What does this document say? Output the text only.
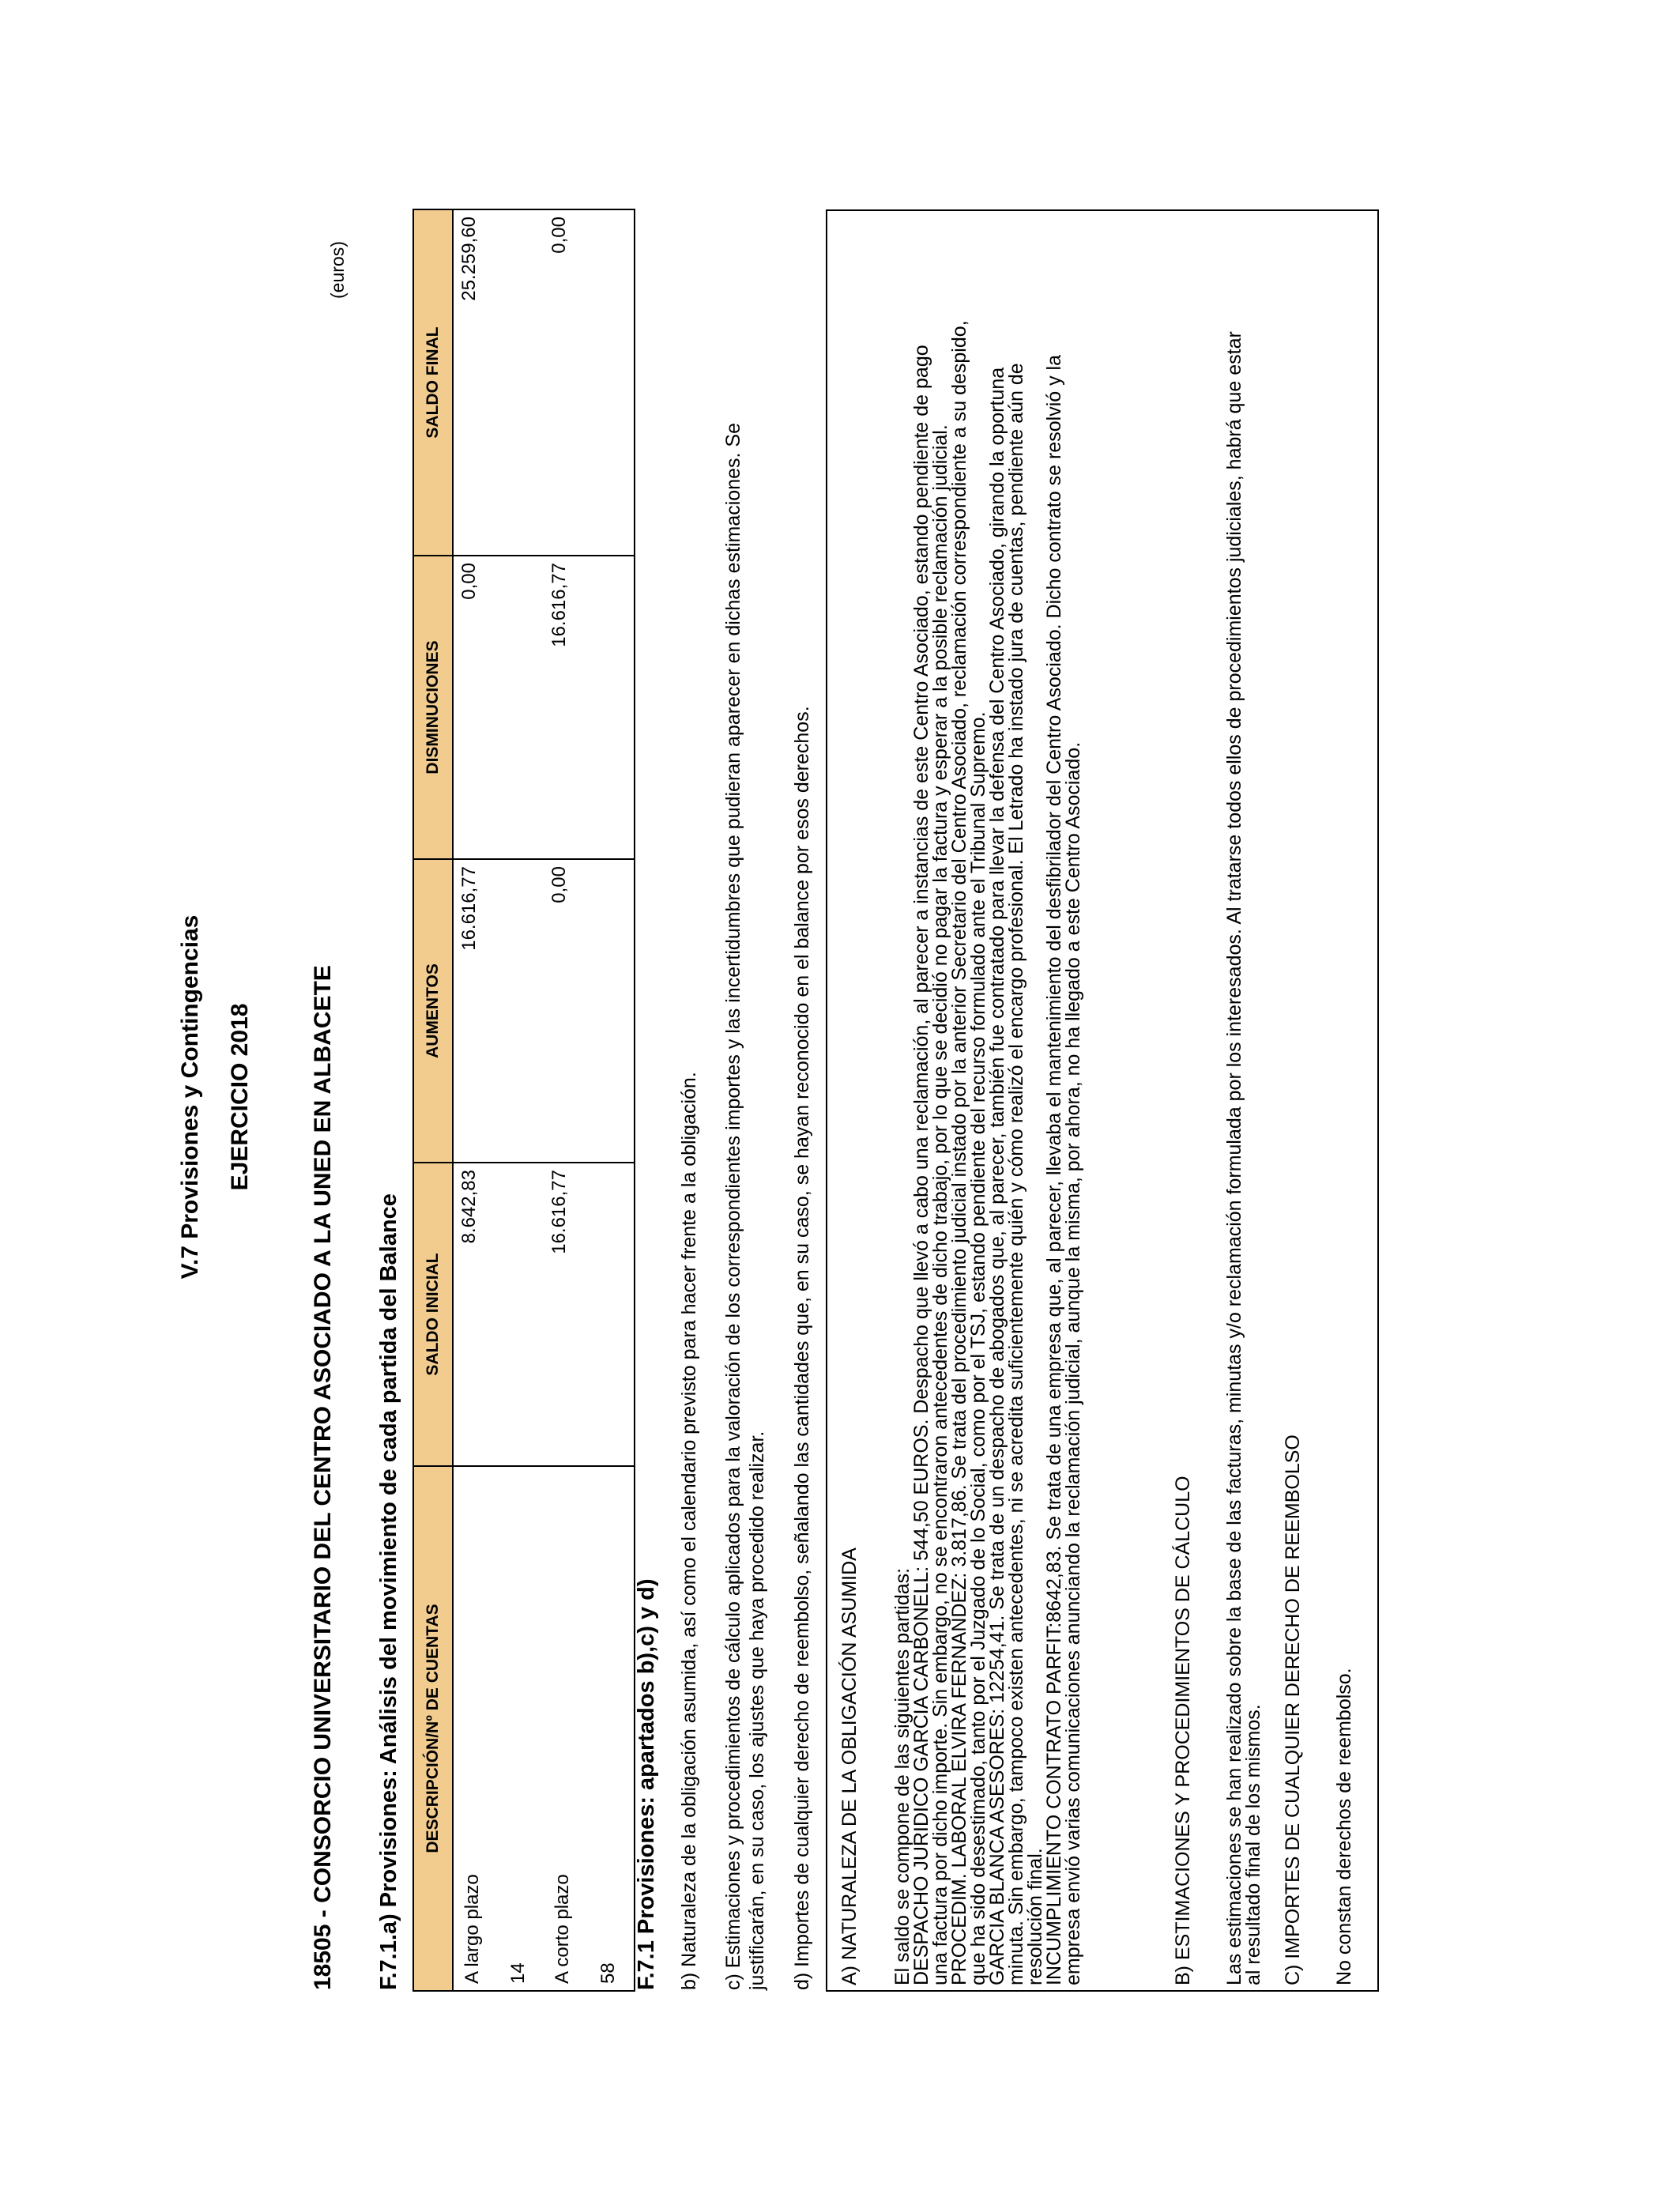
V.7 Provisiones y Contingencias EJERCICIO 2018 18505 - CONSORCIO UNIVERSITARIO DEL CENTRO ASOCIADO A LA UNED EN ALBACETE
(euros)
F.7.1.a) Provisiones: Análisis del movimiento de cada partida del Balance DESCRIPCIÓN/Nº DE CUENTAS	SALDO INICIAL	AUMENTOS	DISMINUCIONES	SALDO FINAL

A largo plazo 14	8.642,83	16.616,77	0,00	25.259,60

A corto plazo 58	16.616,77	0,00	16.616,77	0,00
F.7.1 Provisiones: apartados b),c) y d) b) Naturaleza de la obligación asumida, así como el calendario previsto para hacer frente a la obligación. c) Estimaciones y procedimientos de cálculo aplicados para la valoración de los correspondientes importes y las incertidumbres que pudieran aparecer en dichas estimaciones. Se justificarán, en su caso, los ajustes que haya procedido realizar. d) Importes de cualquier derecho de reembolso, señalando las cantidades que, en su caso, se hayan reconocido en el balance por esos derechos. A) NATURALEZA DE LA OBLIGACIÓN ASUMIDA El saldo se compone de las siguientes partidas:
DESPACHO JURIDICO GARCIA CARBONELL: 544,50 EUROS. Despacho que llevó a cabo una reclamación, al parecer a instancias de este Centro Asociado, estando pendiente de pago
una factura por dicho importe. Sin embargo, no se encontraron antecedentes de dicho trabajo, por lo que se decidió no pagar la factura y esperar a la posible reclamación judicial.
PROCEDIM. LABORAL ELVIRA FERNANDEZ: 3.817,86. Se trata del procedimiento judicial instado por la anterior Secretario del Centro Asociado, reclamación correspondiente a su despido,
que ha sido desestimado, tanto por el Juzgado de lo Social, como por el TSJ, estando pendiente del recurso formulado ante el Tribunal Supremo.
GARCIA BLANCA ASESORES: 12254,41. Se trata de un despacho de abogados que, al parecer, también fue contratado para llevar la defensa del Centro Asociado, girando la oportuna
minuta. Sin embargo, tampoco existen antecedentes, ni se acredita suficientemente quién y cómo realizó el encargo profesional. El Letrado ha instado jura de cuentas, pendiente aún de
resolución final.
INCUMPLIMIENTO CONTRATO PARFIT:8642,83. Se trata de una empresa que, al parecer, llevaba el mantenimiento del desfibrilador del Centro Asociado. Dicho contrato se resolvió y la
empresa envió varias comunicaciones anunciando la reclamación judicial, aunque la misma, por ahora, no ha llegado a este Centro Asociado.	B) ESTIMACIONES Y PROCEDIMIENTOS DE CÁLCULO Las estimaciones se han realizado sobre la base de las facturas, minutas y/o reclamación formulada por los interesados. Al tratarse todos ellos de procedimientos judiciales, habrá que estar
al resultado final de los mismos. C) IMPORTES DE CUALQUIER DERECHO DE REEMBOLSO No constan derechos de reembolso.
